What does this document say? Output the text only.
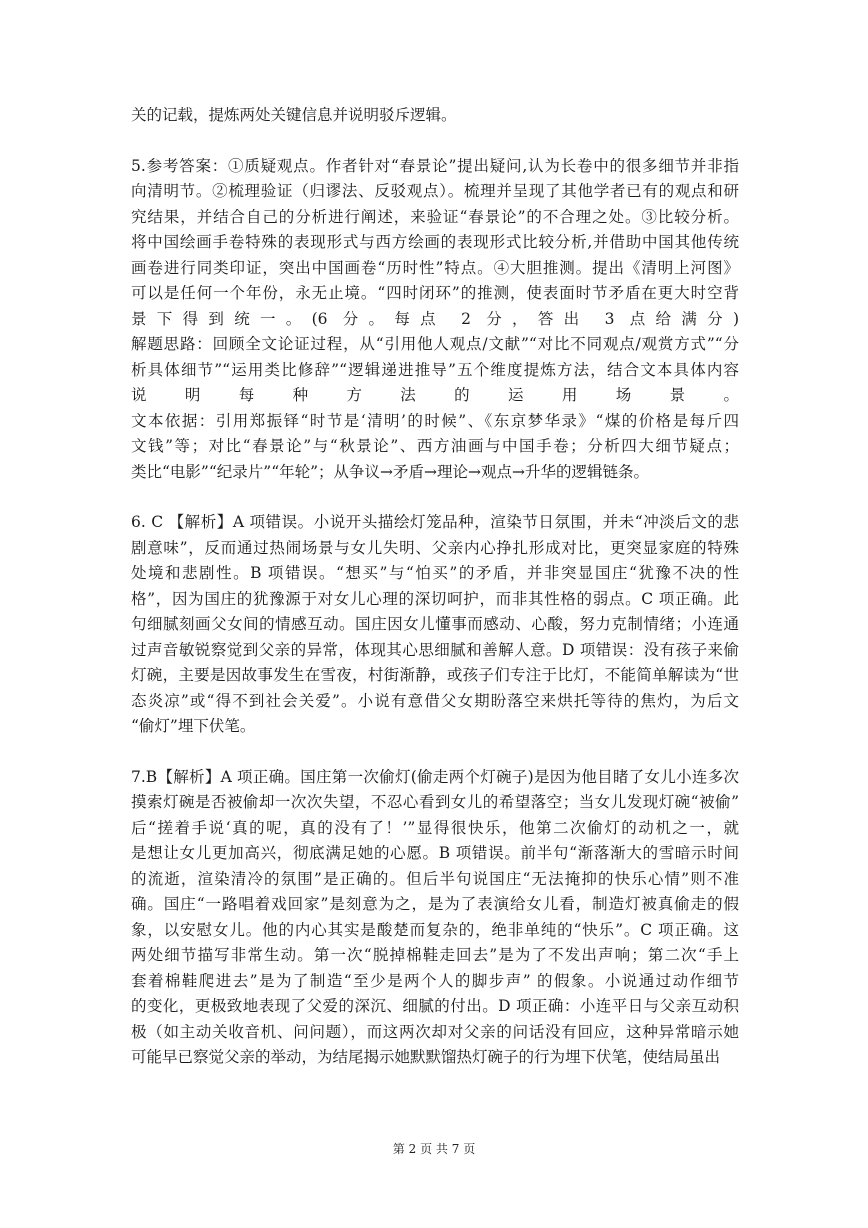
关的记载，提炼两处关键信息并说明驳斥逻辑。
5.参考答案：①质疑观点。作者针对“春景论”提出疑问,认为长卷中的很多细节并非指
向清明节。②梳理验证（归谬法、反驳观点）。梳理并呈现了其他学者已有的观点和研
究结果，并结合自己的分析进行阐述，来验证“春景论”的不合理之处。③比较分析。
将中国绘画手卷特殊的表现形式与西方绘画的表现形式比较分析,并借助中国其他传统
画卷进行同类印证，突出中国画卷“历时性”特点。④大胆推测。提出《清明上河图》
可以是任何一个年份，永无止境。“四时闭环”的推测，使表面时节矛盾在更大时空背
景下得到统一。(6 分。每点 2 分，答出 3 点给满分)
解题思路：回顾全文论证过程，从“引用他人观点/文献”“对比不同观点/观赏方式”“分
析具体细节”“运用类比修辞”“逻辑递进推导”五个维度提炼方法，结合文本具体内容
说明每种方法的运用场景。
文本依据：引用郑振铎“时节是‘清明’的时候”、《东京梦华录》“煤的价格是每斤四
文钱”等；对比“春景论”与“秋景论”、西方油画与中国手卷；分析四大细节疑点；
类比“电影”“纪录片”“年轮”；从争议→矛盾→理论→观点→升华的逻辑链条。
6. C 【解析】A 项错误。小说开头描绘灯笼品种，渲染节日氛围，并未“冲淡后文的悲
剧意味”，反而通过热闹场景与女儿失明、父亲内心挣扎形成对比，更突显家庭的特殊
处境和悲剧性。B 项错误。“想买”与“怕买”的矛盾，并非突显国庄“犹豫不决的性
格”，因为国庄的犹豫源于对女儿心理的深切呵护，而非其性格的弱点。C 项正确。此
句细腻刻画父女间的情感互动。国庄因女儿懂事而感动、心酸，努力克制情绪；小连通
过声音敏锐察觉到父亲的异常，体现其心思细腻和善解人意。D 项错误：没有孩子来偷
灯碗，主要是因故事发生在雪夜，村街渐静，或孩子们专注于比灯，不能简单解读为“世
态炎凉”或“得不到社会关爱”。小说有意借父女期盼落空来烘托等待的焦灼，为后文
“偷灯”埋下伏笔。
7.B【解析】A 项正确。国庄第一次偷灯(偷走两个灯碗子)是因为他目睹了女儿小连多次
摸索灯碗是否被偷却一次次失望，不忍心看到女儿的希望落空；当女儿发现灯碗“被偷”
后“搓着手说‘真的呢，真的没有了！’”显得很快乐，他第二次偷灯的动机之一，就
是想让女儿更加高兴，彻底满足她的心愿。B 项错误。前半句“渐落渐大的雪暗示时间
的流逝，渲染清冷的氛围”是正确的。但后半句说国庄“无法掩抑的快乐心情”则不准
确。国庄“一路唱着戏回家”是刻意为之，是为了表演给女儿看，制造灯被真偷走的假
象，以安慰女儿。他的内心其实是酸楚而复杂的，绝非单纯的“快乐”。C 项正确。这
两处细节描写非常生动。第一次“脱掉棉鞋走回去”是为了不发出声响；第二次“手上
套着棉鞋爬进去”是为了制造“至少是两个人的脚步声” 的假象。小说通过动作细节
的变化，更极致地表现了父爱的深沉、细腻的付出。D 项正确：小连平日与父亲互动积
极（如主动关收音机、问问题），而这两次却对父亲的问话没有回应，这种异常暗示她
可能早已察觉父亲的举动，为结尾揭示她默默馏热灯碗子的行为埋下伏笔，使结局虽出
第 2 页 共 7 页
